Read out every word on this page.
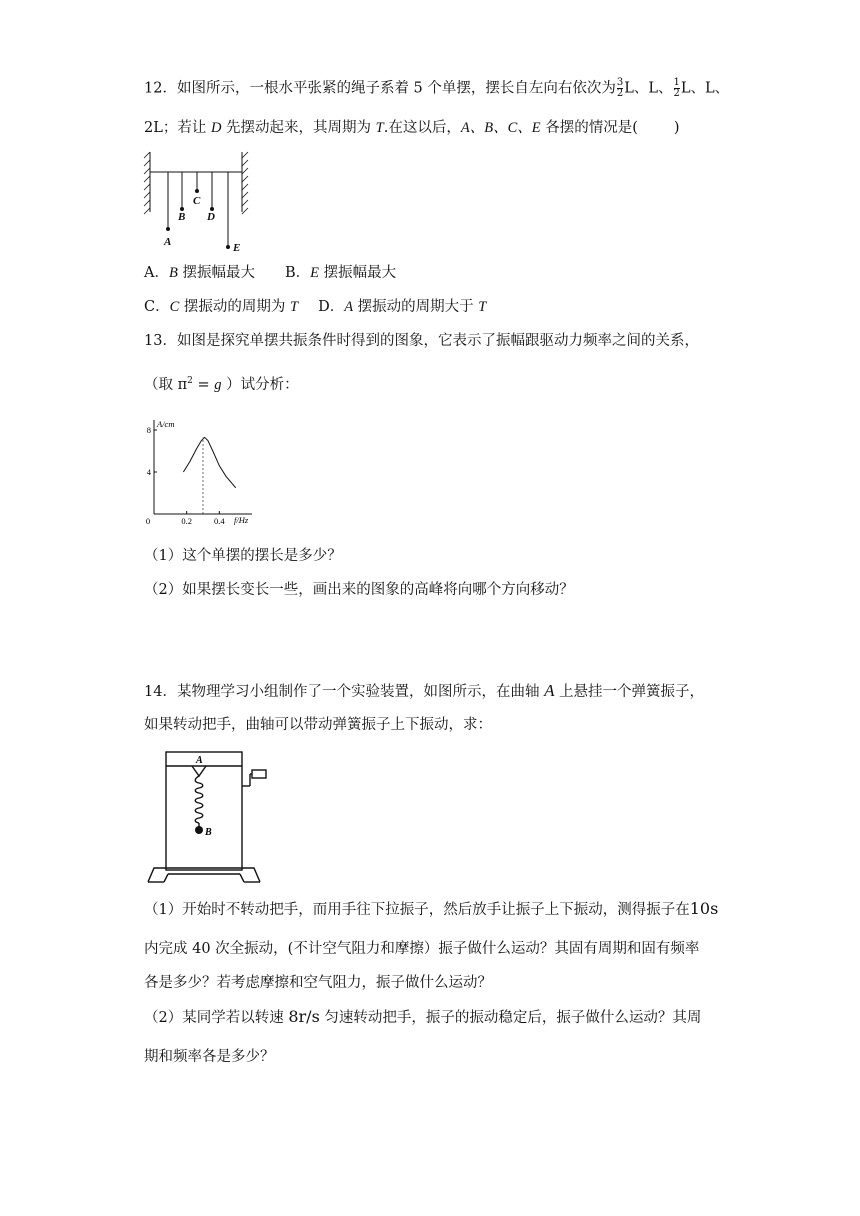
12．如图所示，一根水平张紧的绳子系着 5 个单摆，摆长自左向右依次为 $\frac{3}{2}$ L、L、 $\frac{1}{2}$ L、L、
2L；若让 D 先摆动起来，其周期为 T.在这以后，A、B、C、E 各摆的情况是( )
A
B
C
D
E
A．B 摆振幅最大 B．E 摆振幅最大
C．C 摆振动的周期为 T D．A 摆振动的周期大于 T
13．如图是探究单摆共振条件时得到的图象，它表示了振幅跟驱动力频率之间的关系，
（取 $\pi^2 = g$ ）试分析：
A/cm
f/Hz
0	0.2	0.4
4
8
（1）这个单摆的摆长是多少？
（2）如果摆长变长一些，画出来的图象的高峰将向哪个方向移动？
14．某物理学习小组制作了一个实验装置，如图所示，在曲轴 A 上悬挂一个弹簧振子，
如果转动把手，曲轴可以带动弹簧振子上下振动，求：
A
B
（1）开始时不转动把手，而用手往下拉振子，然后放手让振子上下振动，测得振子在10s
内完成 40 次全振动，(不计空气阻力和摩擦）振子做什么运动？其固有周期和固有频率
各是多少？若考虑摩擦和空气阻力，振子做什么运动？
（2）某同学若以转速 8r/s 匀速转动把手，振子的振动稳定后，振子做什么运动？其周
期和频率各是多少？
